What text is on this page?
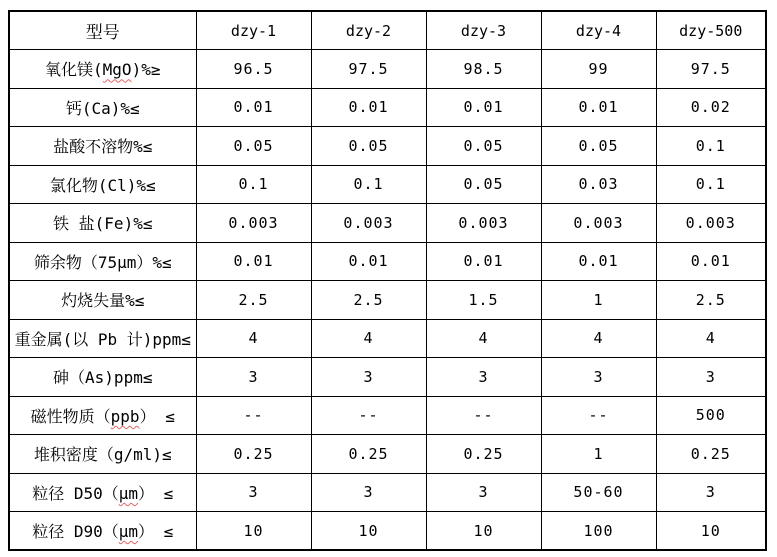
型号	dzy-1	dzy-2	dzy-3	dzy-4	dzy-500
氧化镁(MgO)%≥	96.5	97.5	98.5	99	97.5
钙(Ca)%≤	0.01	0.01	0.01	0.01	0.02
盐酸不溶物%≤	0.05	0.05	0.05	0.05	0.1
氯化物(Cl)%≤	0.1	0.1	0.05	0.03	0.1
铁 盐(Fe)%≤	0.003	0.003	0.003	0.003	0.003
筛余物（75μm）%≤	0.01	0.01	0.01	0.01	0.01
灼烧失量%≤	2.5	2.5	1.5	1	2.5
重金属(以 Pb 计)ppm≤	4	4	4	4	4
砷（As)ppm≤	3	3	3	3	3
磁性物质（ppb） ≤	--	--	--	--	500
堆积密度（g/ml)≤	0.25	0.25	0.25	1	0.25
粒径 D50（μm） ≤	3	3	3	50-60	3
粒径 D90（μm） ≤	10	10	10	100	10
